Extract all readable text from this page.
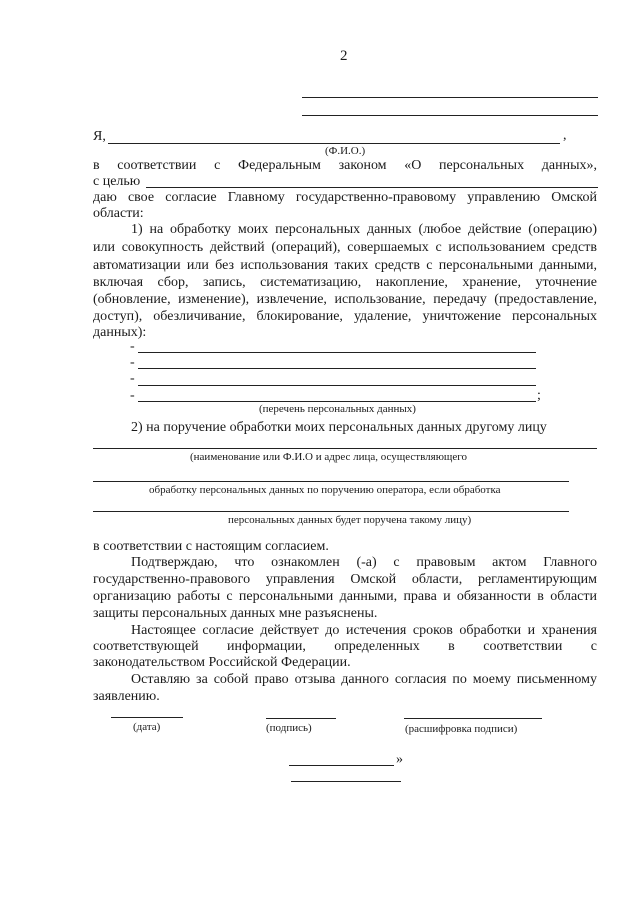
2
Я,	,
(Ф.И.О.)
в соответствии с Федеральным законом «О персональных данных»,
с целью
даю свое согласие Главному государственно-правовому управлению Омской
области:
1) на обработку моих персональных данных (любое действие (операцию)
или совокупность действий (операций), совершаемых с использованием средств
автоматизации или без использования таких средств с персональными данными,
включая сбор, запись, систематизацию, накопление, хранение, уточнение
(обновление, изменение), извлечение, использование, передачу (предоставление,
доступ), обезличивание, блокирование, удаление, уничтожение персональных
данных):
-
-
-
-	;
(перечень персональных данных)
2) на поручение обработки моих персональных данных другому лицу
(наименование или Ф.И.О и адрес лица, осуществляющего
обработку персональных данных по поручению оператора, если обработка
персональных данных будет поручена такому лицу)
в соответствии с настоящим согласием.
Подтверждаю, что ознакомлен (-а) с правовым актом Главного
государственно-правового управления Омской области, регламентирующим
организацию работы с персональными данными, права и обязанности в области
защиты персональных данных мне разъяснены.
Настоящее согласие действует до истечения сроков обработки и хранения
соответствующей информации, определенных в соответствии с
законодательством Российской Федерации.
Оставляю за собой право отзыва данного согласия по моему письменному
заявлению.
(дата)	(подпись)	(расшифровка подписи)
»
